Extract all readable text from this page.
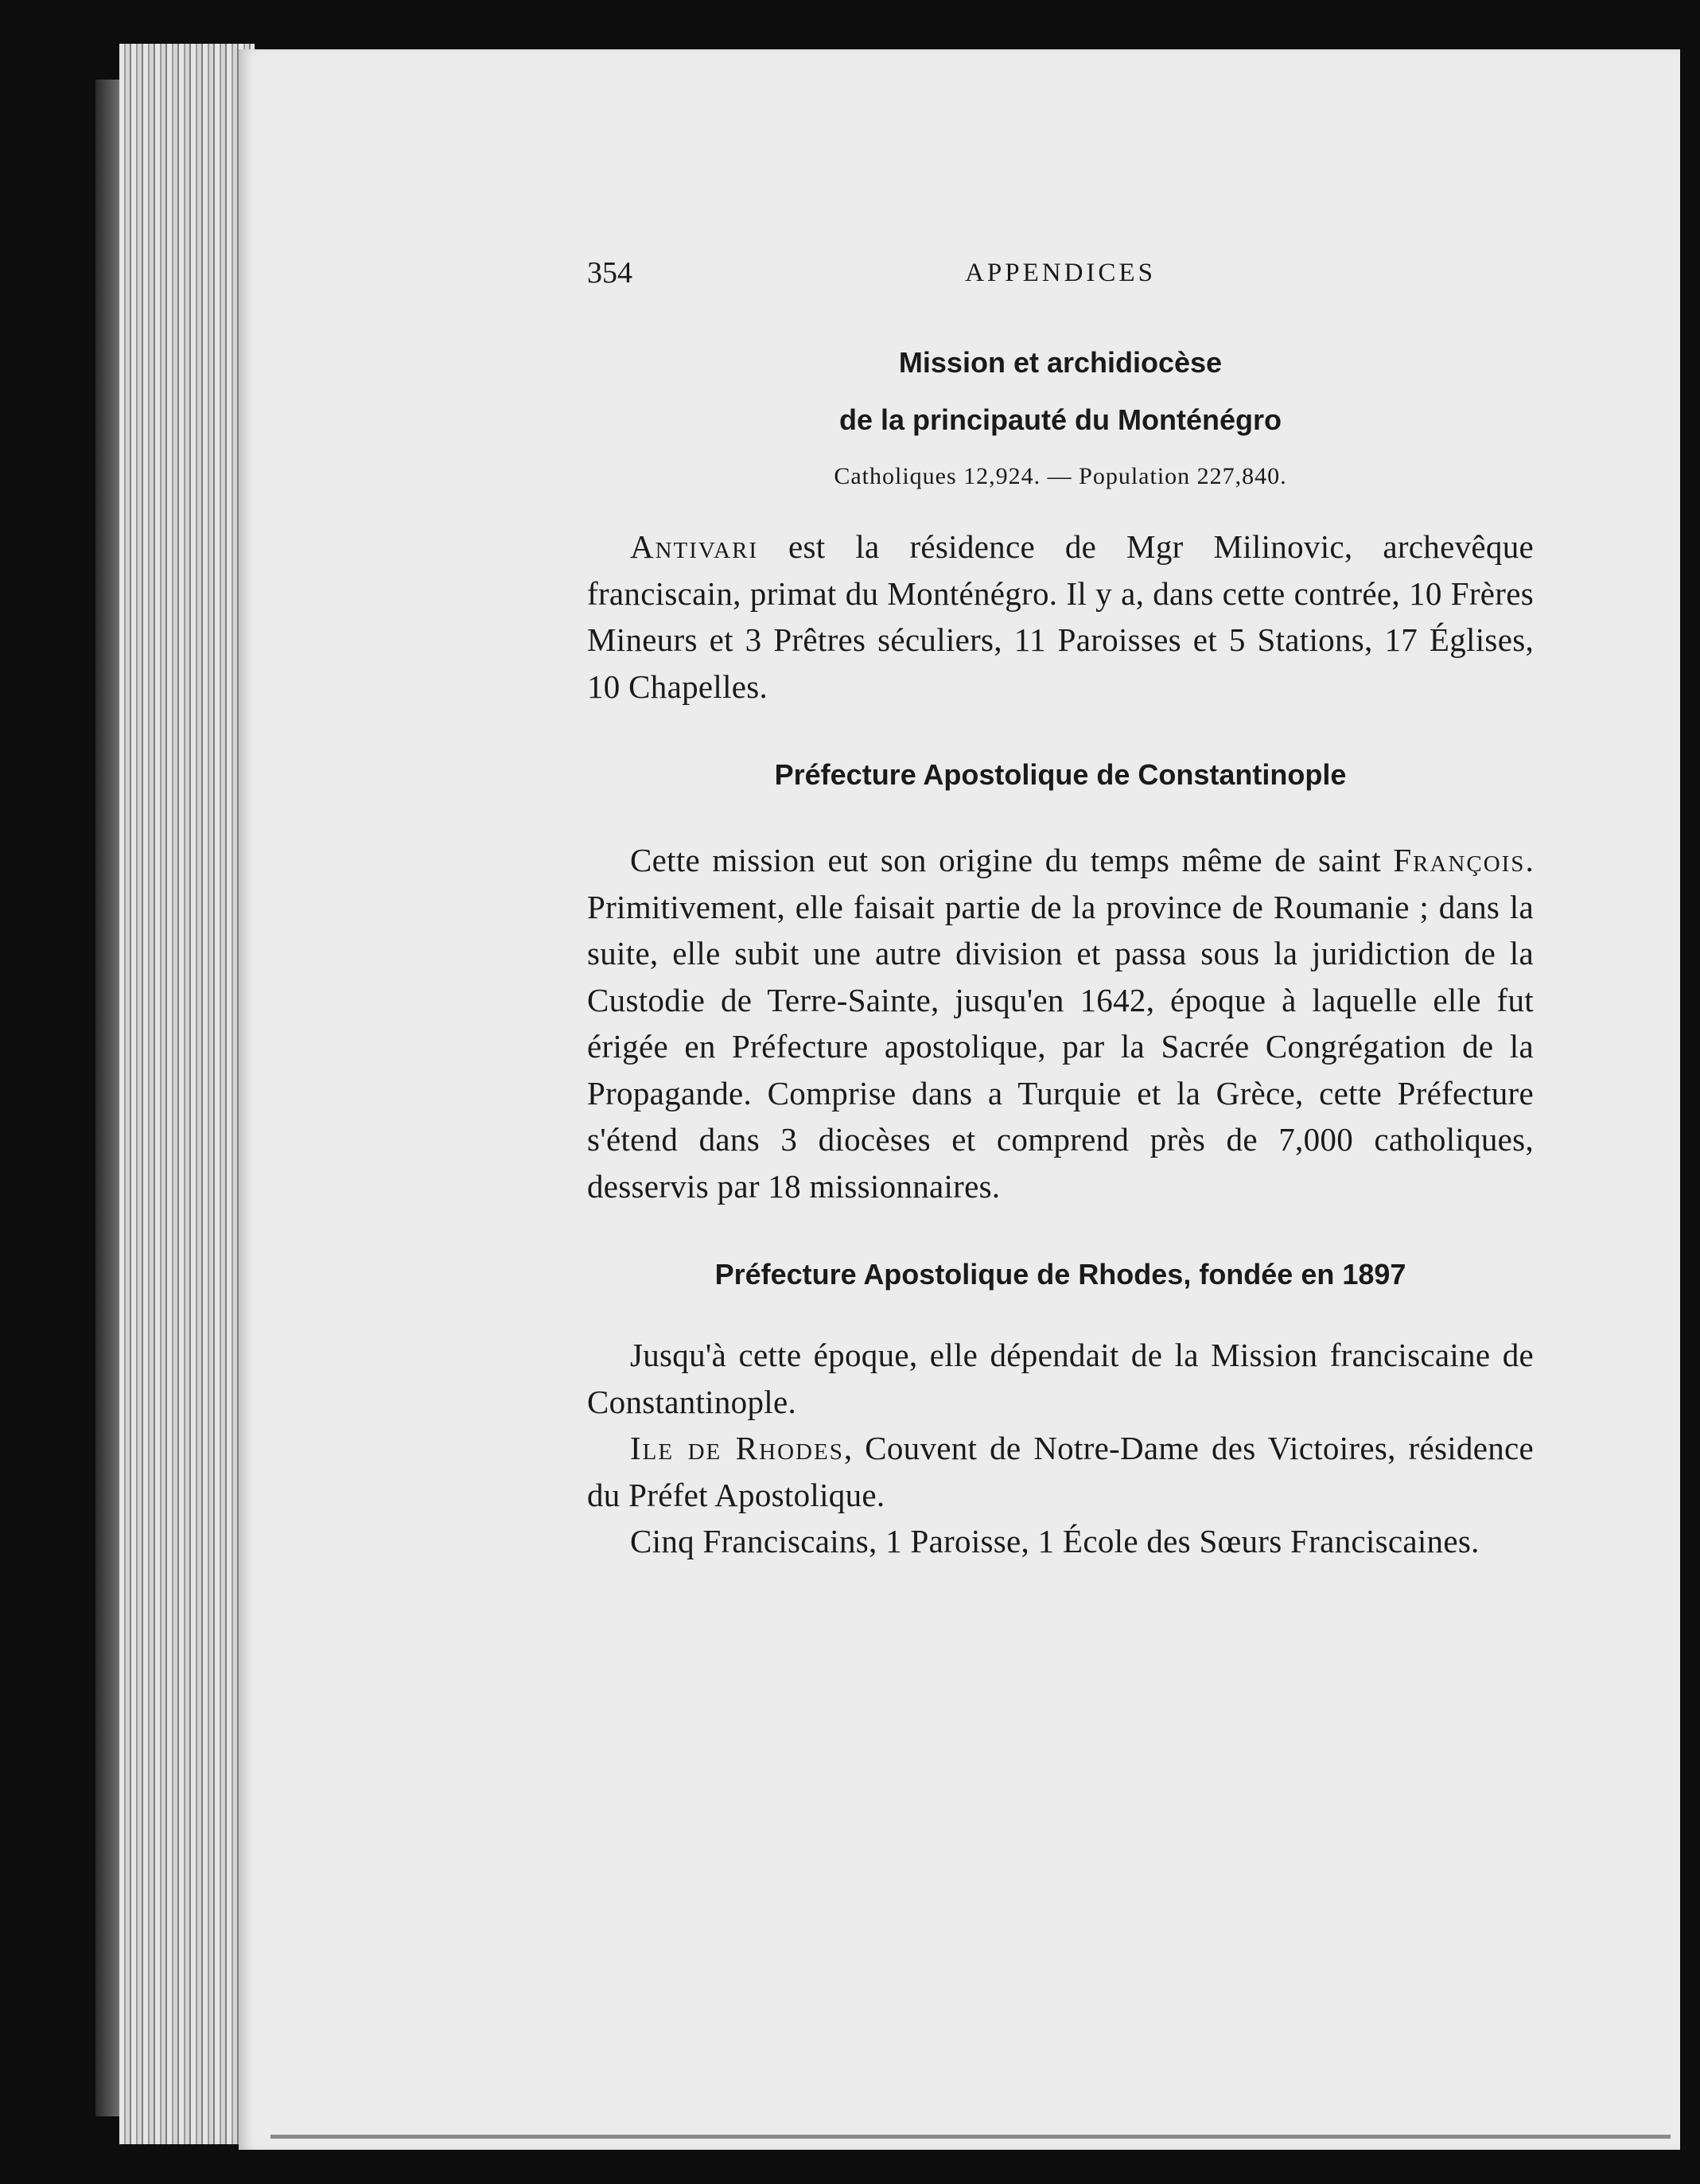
354	APPENDICES

Mission et archidiocèse

de la principauté du Monténégro

Catholiques 12,924. — Population 227,840.

Antivari est la résidence de Mgr Milinovic, archevêque franciscain, primat du Monténégro. Il y a, dans cette contrée, 10 Frères Mineurs et 3 Prêtres séculiers, 11 Paroisses et 5 Stations, 17 Églises, 10 Chapelles.

Préfecture Apostolique de Constantinople

Cette mission eut son origine du temps même de saint François. Primitivement, elle faisait partie de la province de Roumanie ; dans la suite, elle subit une autre division et passa sous la juridiction de la Custodie de Terre-Sainte, jusqu'en 1642, époque à laquelle elle fut érigée en Préfecture apostolique, par la Sacrée Congrégation de la Propagande. Comprise dans a Turquie et la Grèce, cette Préfecture s'étend dans 3 diocèses et comprend près de 7,000 catholiques, desservis par 18 missionnaires.

Préfecture Apostolique de Rhodes, fondée en 1897

Jusqu'à cette époque, elle dépendait de la Mission franciscaine de Constantinople.

Ile de Rhodes, Couvent de Notre-Dame des Victoires, résidence du Préfet Apostolique.

Cinq Franciscains, 1 Paroisse, 1 École des Sœurs Franciscaines.
